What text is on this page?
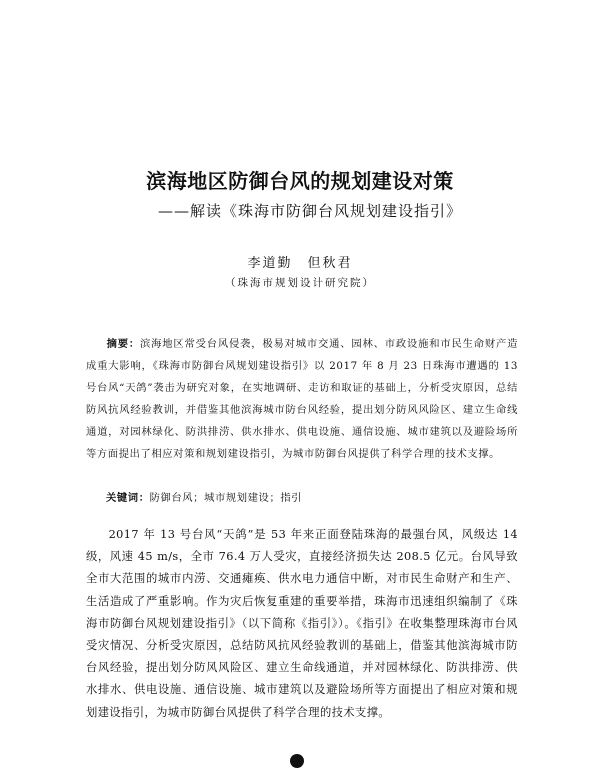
滨海地区防御台风的规划建设对策
——解读《珠海市防御台风规划建设指引》
李道勤　但秋君
（珠海市规划设计研究院）
摘要：滨海地区常受台风侵袭，极易对城市交通、园林、市政设施和市民生命财产造成重大影响，《珠海市防御台风规划建设指引》以 2017 年 8 月 23 日珠海市遭遇的 13 号台风“天鸽”袭击为研究对象，在实地调研、走访和取证的基础上，分析受灾原因，总结防风抗风经验教训，并借鉴其他滨海城市防台风经验，提出划分防风风险区、建立生命线通道，对园林绿化、防洪排涝、供水排水、供电设施、通信设施、城市建筑以及避险场所等方面提出了相应对策和规划建设指引，为城市防御台风提供了科学合理的技术支撑。
关键词：防御台风；城市规划建设；指引
2017 年 13 号台风“天鸽”是 53 年来正面登陆珠海的最强台风，风级达 14 级，风速 45 m/s，全市 76.4 万人受灾，直接经济损失达 208.5 亿元。台风导致全市大范围的城市内涝、交通瘫痪、供水电力通信中断，对市民生命财产和生产、生活造成了严重影响。作为灾后恢复重建的重要举措，珠海市迅速组织编制了《珠海市防御台风规划建设指引》（以下简称《指引》）。《指引》在收集整理珠海市台风受灾情况、分析受灾原因，总结防风抗风经验教训的基础上，借鉴其他滨海城市防台风经验，提出划分防风风险区、建立生命线通道，并对园林绿化、防洪排涝、供水排水、供电设施、通信设施、城市建筑以及避险场所等方面提出了相应对策和规划建设指引，为城市防御台风提供了科学合理的技术支撑。
